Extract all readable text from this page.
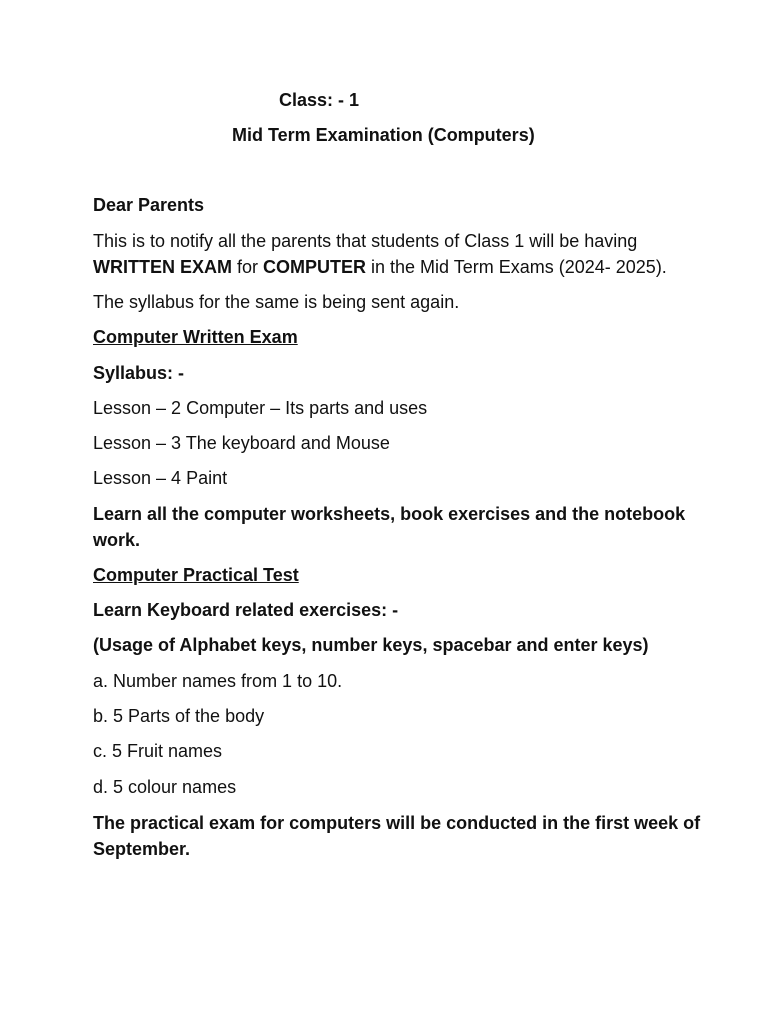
Class: - 1
Mid Term Examination (Computers)
Dear Parents
This is to notify all the parents that students of Class 1 will be having
WRITTEN EXAM for COMPUTER in the Mid Term Exams (2024- 2025).
The syllabus for the same is being sent again.
Computer Written Exam
Syllabus: -
Lesson – 2 Computer – Its parts and uses
Lesson – 3 The keyboard and Mouse
Lesson – 4 Paint
Learn all the computer worksheets, book exercises and the notebook work.
Computer Practical Test
Learn Keyboard related exercises: -
(Usage of Alphabet keys, number keys, spacebar and enter keys)
a. Number names from 1 to 10.
b. 5 Parts of the body
c. 5 Fruit names
d. 5 colour names
The practical exam for computers will be conducted in the first week of September.
